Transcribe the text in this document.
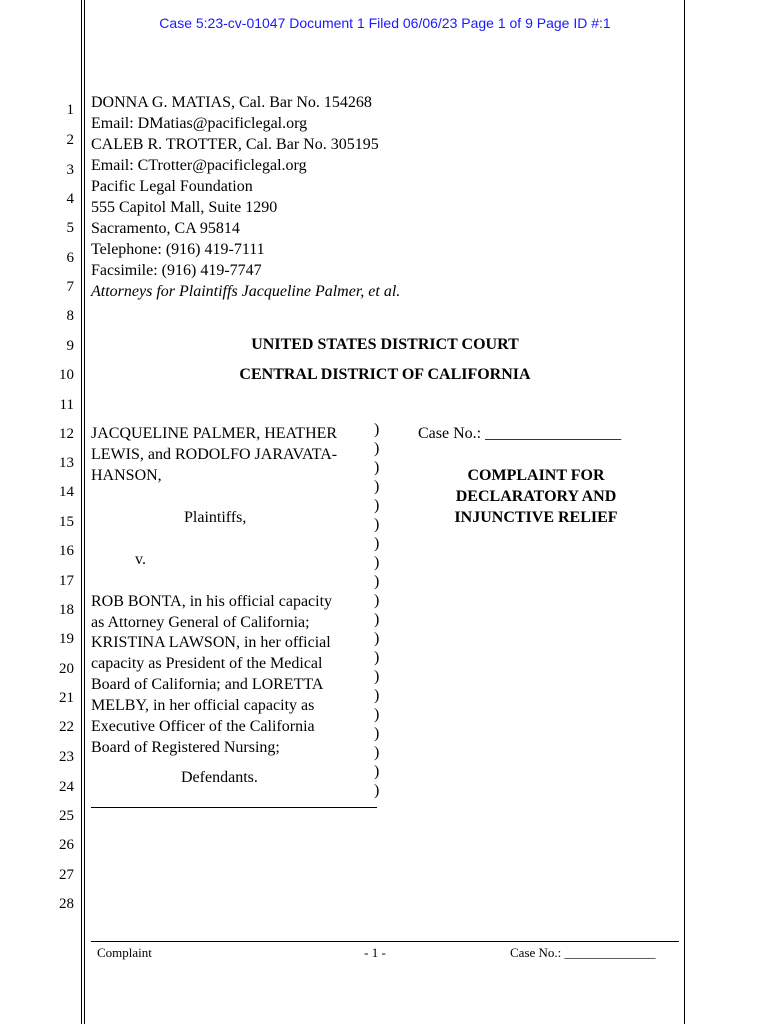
Case 5:23-cv-01047 Document 1 Filed 06/06/23 Page 1 of 9 Page ID #:1
1
2
3
4
5
6
7
8
9
10
11
12
13
14
15
16
17
18
19
20
21
22
23
24
25
26
27
28
DONNA G. MATIAS, Cal. Bar No. 154268
Email: DMatias@pacificlegal.org
CALEB R. TROTTER, Cal. Bar No. 305195
Email: CTrotter@pacificlegal.org
Pacific Legal Foundation
555 Capitol Mall, Suite 1290
Sacramento, CA 95814
Telephone: (916) 419-7111
Facsimile: (916) 419-7747
Attorneys for Plaintiffs Jacqueline Palmer, et al.
UNITED STATES DISTRICT COURT
CENTRAL DISTRICT OF CALIFORNIA
JACQUELINE PALMER, HEATHER
LEWIS, and RODOLFO JARAVATA-
HANSON,
Plaintiffs,
v.
ROB BONTA, in his official capacity
as Attorney General of California;
KRISTINA LAWSON, in her official
capacity as President of the Medical
Board of California; and LORETTA
MELBY, in her official capacity as
Executive Officer of the California
Board of Registered Nursing;
Defendants.
)
)
)
)
)
)
)
)
)
)
)
)
)
)
)
)
)
)
)
)
Case No.: _________________
COMPLAINT FOR
DECLARATORY AND
INJUNCTIVE RELIEF
Complaint	- 1 -	Case No.: ______________
